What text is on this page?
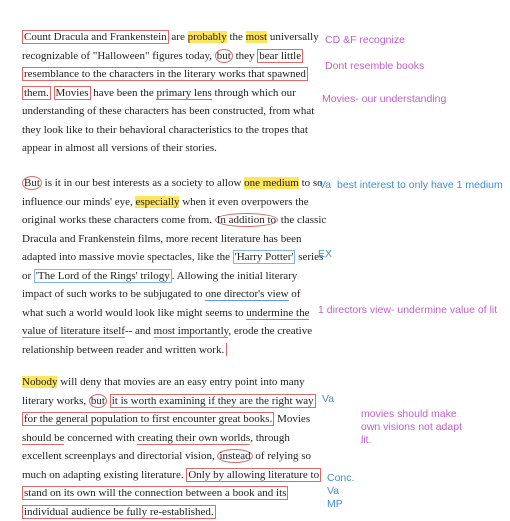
Count Dracula and Frankenstein are probably the most universally
recognizable of "Halloween" figures today, but they bear little
resemblance to the characters in the literary works that spawned
them. Movies have been the primary lens through which our
understanding of these characters has been constructed, from what
they look like to their behavioral characteristics to the tropes that
appear in almost all versions of their stories.
But is it in our best interests as a society to allow one medium to so
influence our minds' eye, especially when it even overpowers the
original works these characters come from. In addition to the classic
Dracula and Frankenstein films, more recent literature has been
adapted into massive movie spectacles, like the 'Harry Potter' series
or 'The Lord of the Rings' trilogy . Allowing the initial literary
impact of such works to be subjugated to one director's view of
what such a world would look like might seems to undermine the
value of literature itself-- and most importantly, erode the creative
relationship between reader and written work.
Nobody will deny that movies are an easy entry point into many
literary works, but it is worth examining if they are the right way
for the general population to first encounter great books. Movies
should be concerned with creating their own worlds, through
excellent screenplays and directorial vision, instead of relying so
much on adapting existing literature. Only by allowing literature to
stand on its own will the connection between a book and its
individual audience be fully re-established.
CD &F recognize
Dont resemble books
Movies- our understanding
Va best interest to only have 1 medium
EX
1 directors view- undermine value of lit
Va
movies should make own visions not adapt lit.
Conc.
Va
MP
